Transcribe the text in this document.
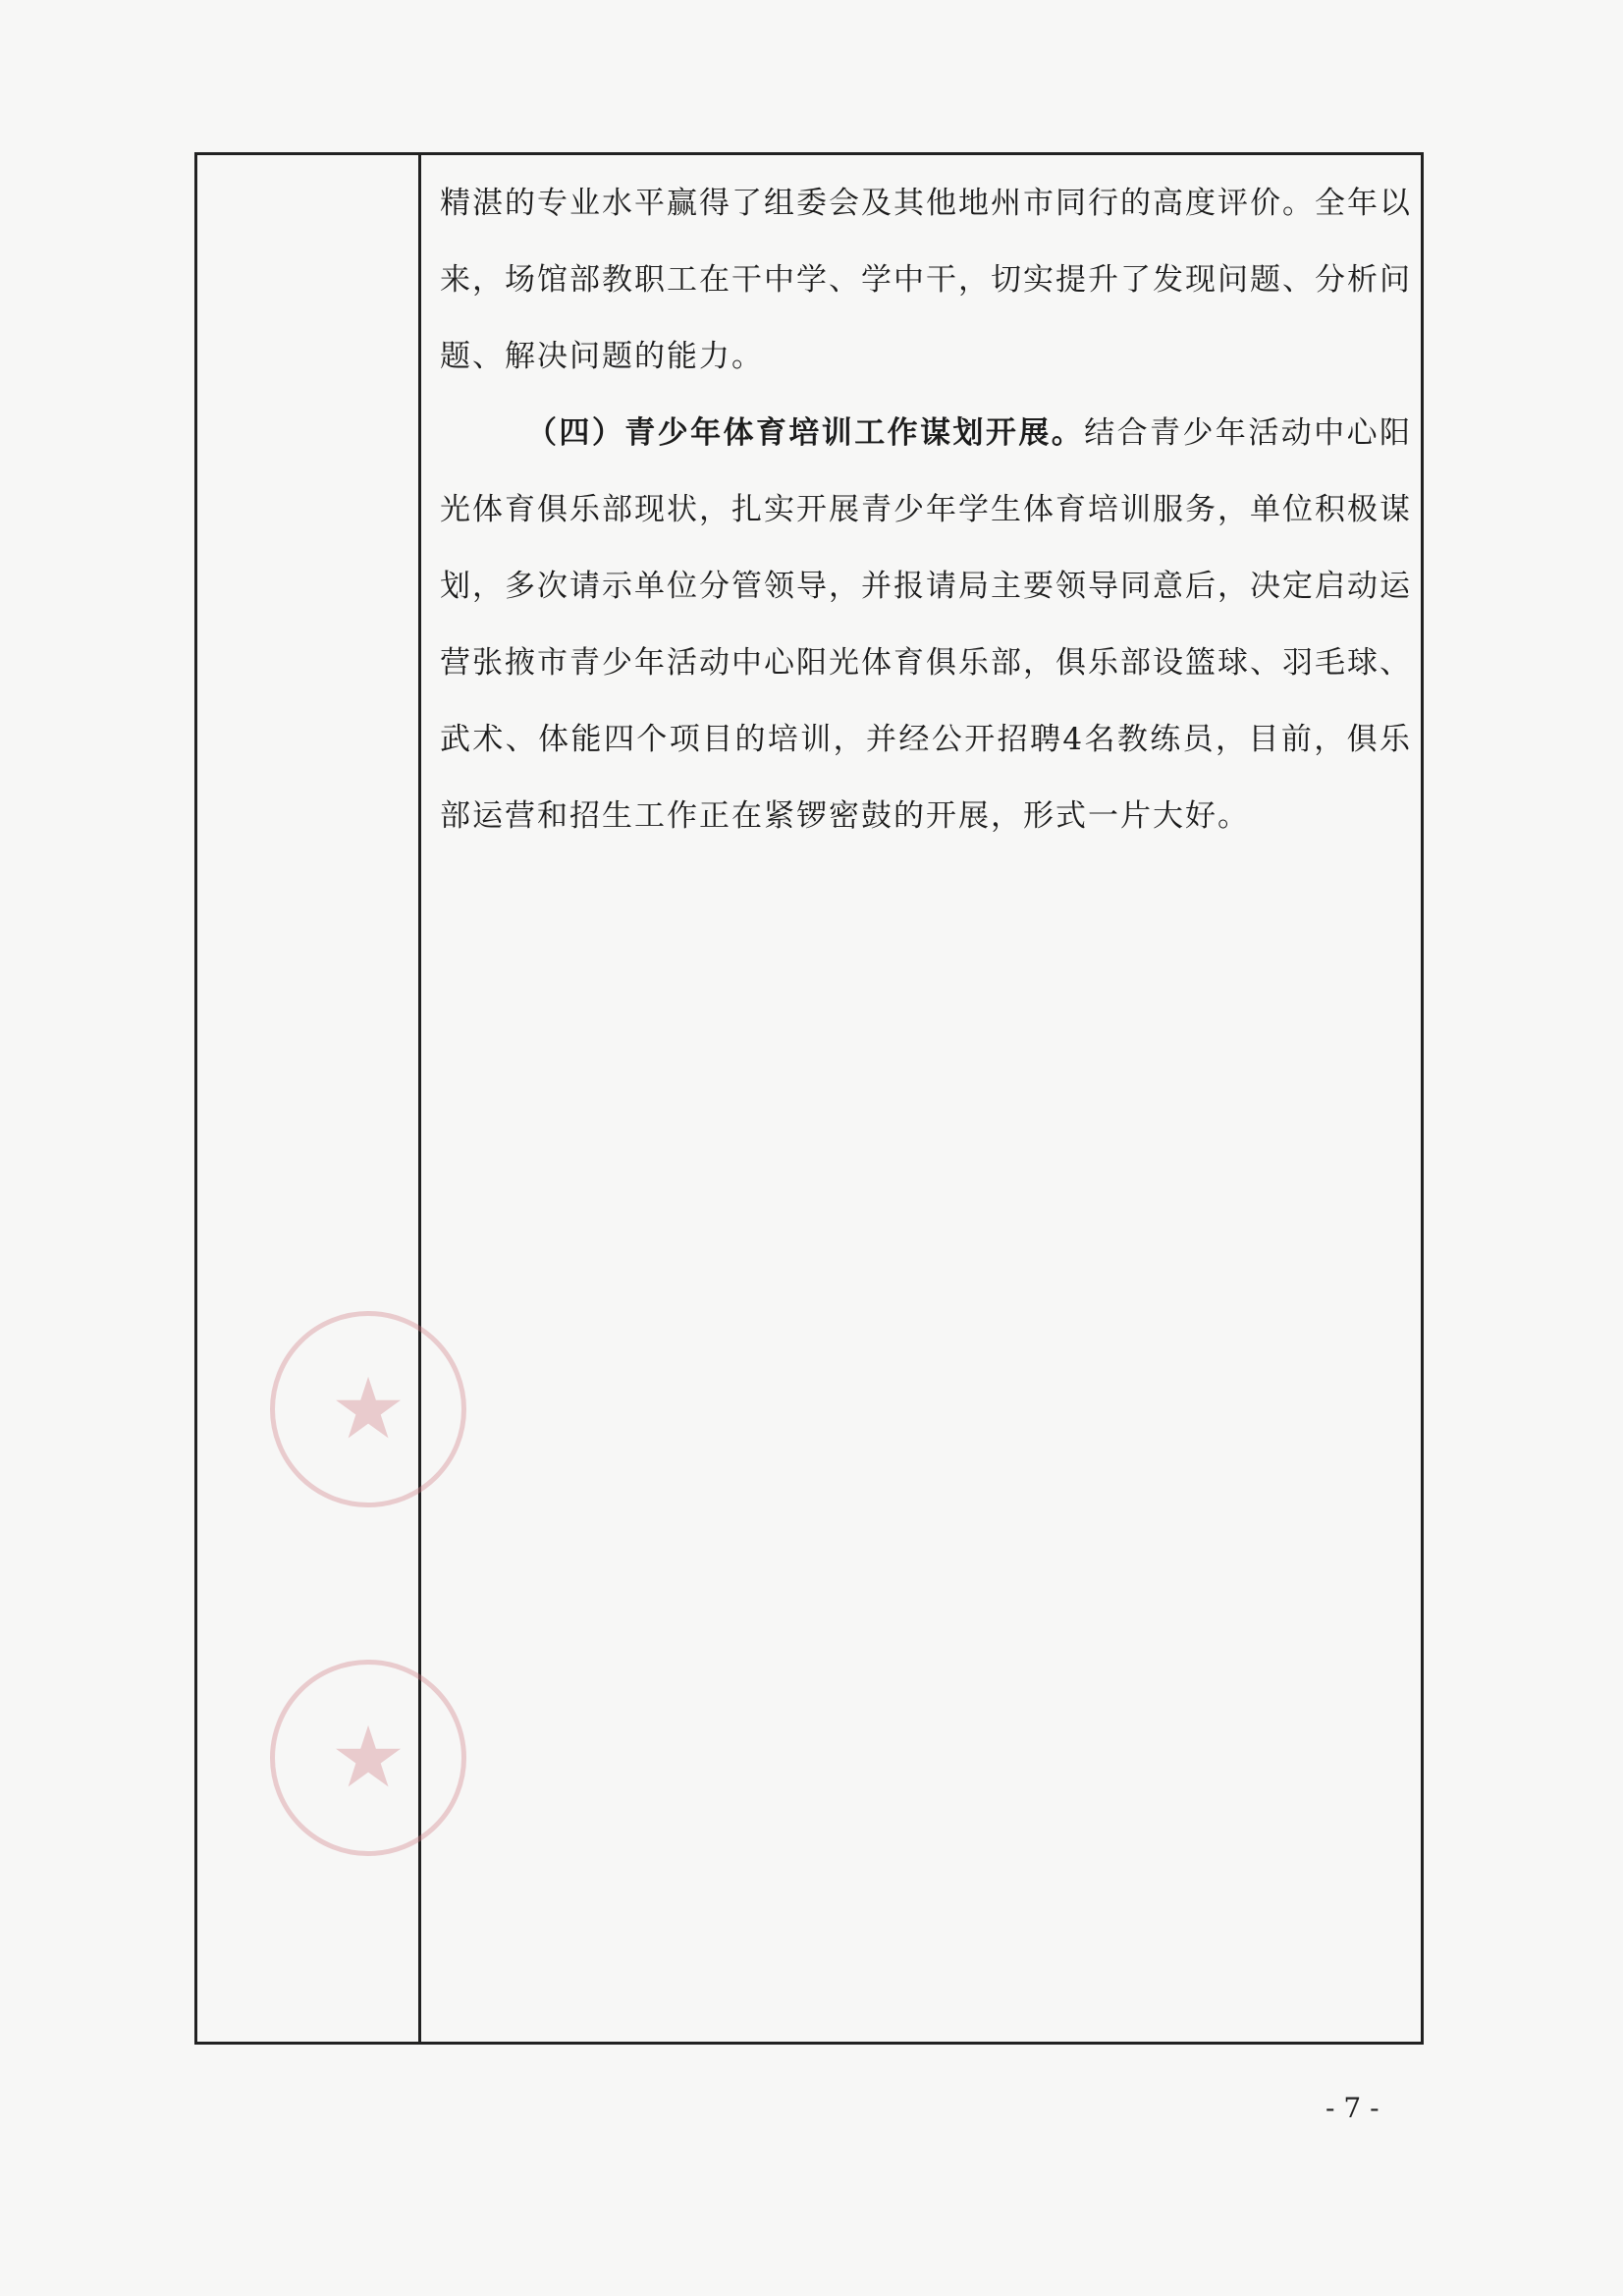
精湛的专业水平赢得了组委会及其他地州市同行的高度评价。全年以来，场馆部教职工在干中学、学中干，切实提升了发现问题、分析问题、解决问题的能力。

（四）青少年体育培训工作谋划开展。结合青少年活动中心阳光体育俱乐部现状，扎实开展青少年学生体育培训服务，单位积极谋划，多次请示单位分管领导，并报请局主要领导同意后，决定启动运营张掖市青少年活动中心阳光体育俱乐部，俱乐部设篮球、羽毛球、武术、体能四个项目的培训，并经公开招聘4名教练员，目前，俱乐部运营和招生工作正在紧锣密鼓的开展，形式一片大好。

★
★
- 7 -
